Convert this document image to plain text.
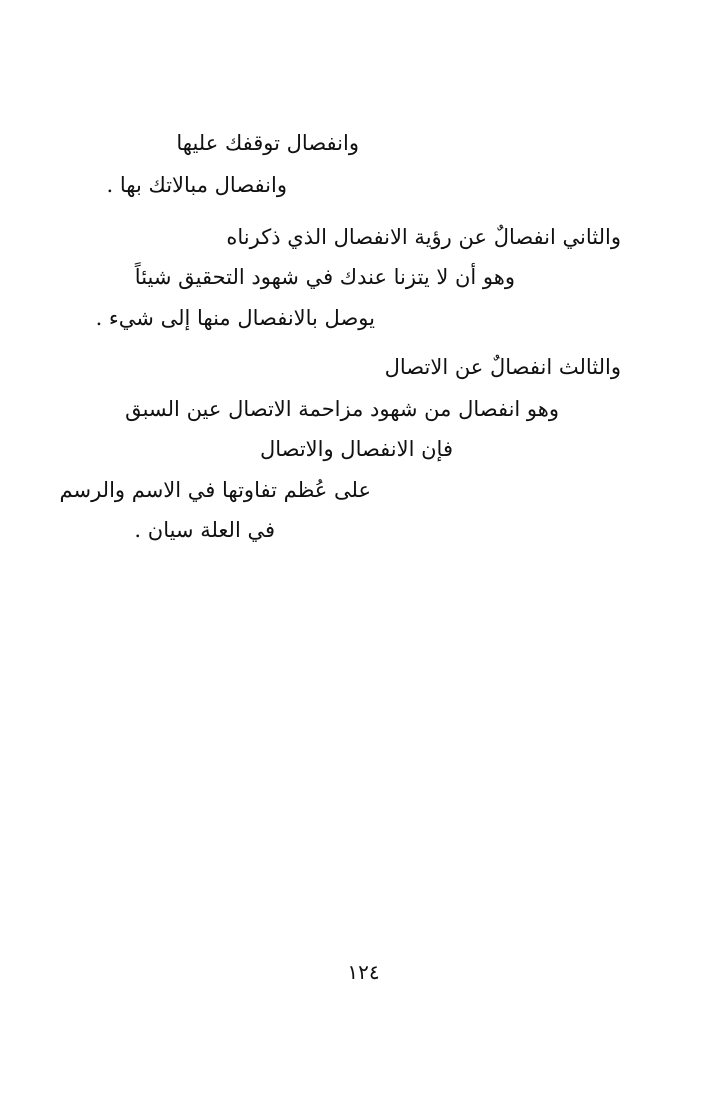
وانفصال توقفك عليها
وانفصال مبالاتك بها .
والثاني انفصالٌ عن رؤية الانفصال الذي ذكرناه
وهو أن لا يتزنا عندك في شهود التحقيق شيئاً
يوصل بالانفصال منها إلى شيء .
والثالث انفصالٌ عن الاتصال
وهو انفصال من شهود مزاحمة الاتصال عين السبق
فإن الانفصال والاتصال
على عُظم تفاوتها في الاسم والرسم
في العلة سيان .
١٢٤
